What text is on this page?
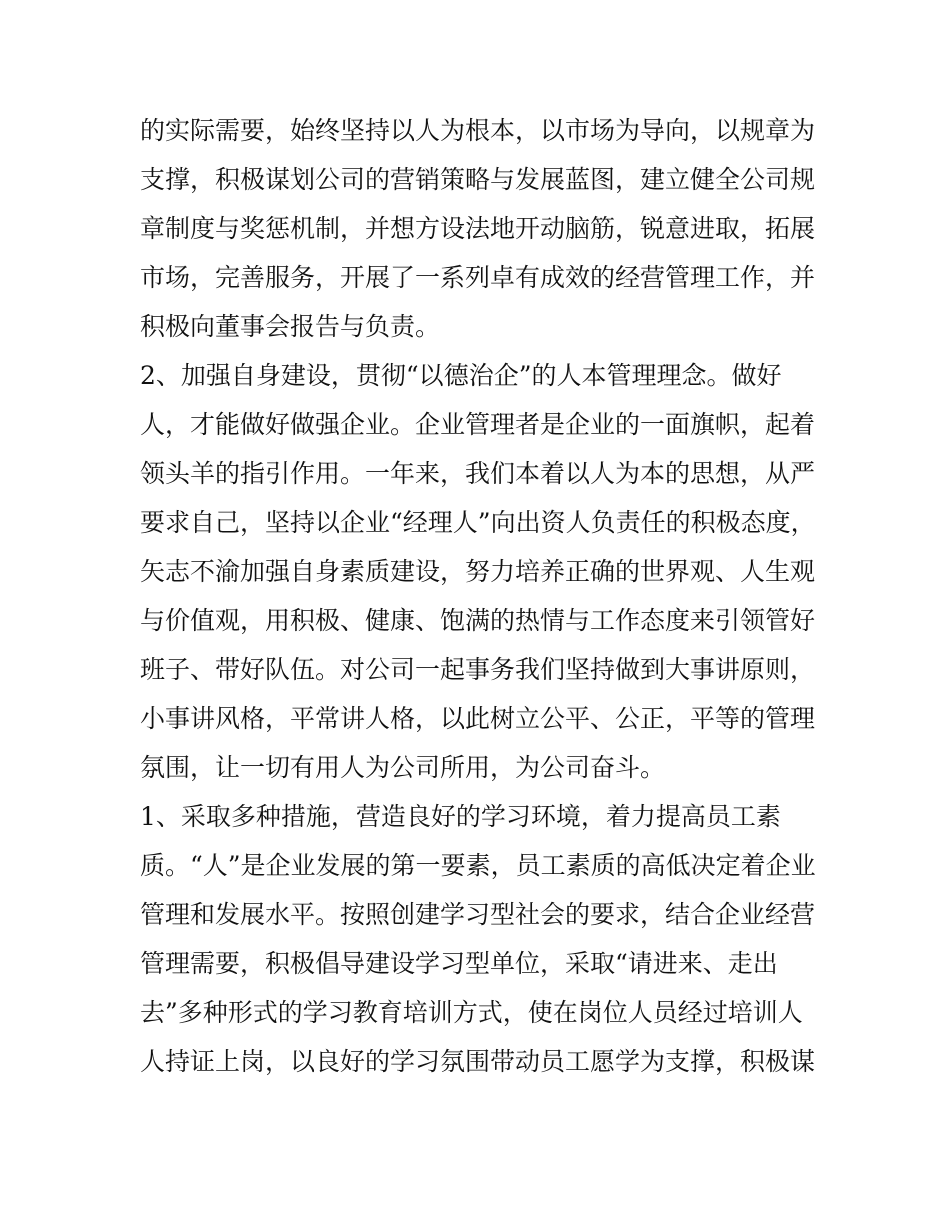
的实际需要，始终坚持以人为根本，以市场为导向，以规章为

支撑，积极谋划公司的营销策略与发展蓝图，建立健全公司规

章制度与奖惩机制，并想方设法地开动脑筋，锐意进取，拓展

市场，完善服务，开展了一系列卓有成效的经营管理工作，并

积极向董事会报告与负责。

2、加强自身建设，贯彻“以德治企”的人本管理理念。做好

人，才能做好做强企业。企业管理者是企业的一面旗帜，起着

领头羊的指引作用。一年来，我们本着以人为本的思想，从严

要求自己，坚持以企业“经理人”向出资人负责任的积极态度，

矢志不渝加强自身素质建设，努力培养正确的世界观、人生观

与价值观，用积极、健康、饱满的热情与工作态度来引领管好

班子、带好队伍。对公司一起事务我们坚持做到大事讲原则，

小事讲风格，平常讲人格，以此树立公平、公正，平等的管理

氛围，让一切有用人为公司所用，为公司奋斗。

1、采取多种措施，营造良好的学习环境，着力提高员工素

质。“人”是企业发展的第一要素，员工素质的高低决定着企业

管理和发展水平。按照创建学习型社会的要求，结合企业经营

管理需要，积极倡导建设学习型单位，采取“请进来、走出

去”多种形式的学习教育培训方式，使在岗位人员经过培训人

人持证上岗，以良好的学习氛围带动员工愿学为支撑，积极谋
